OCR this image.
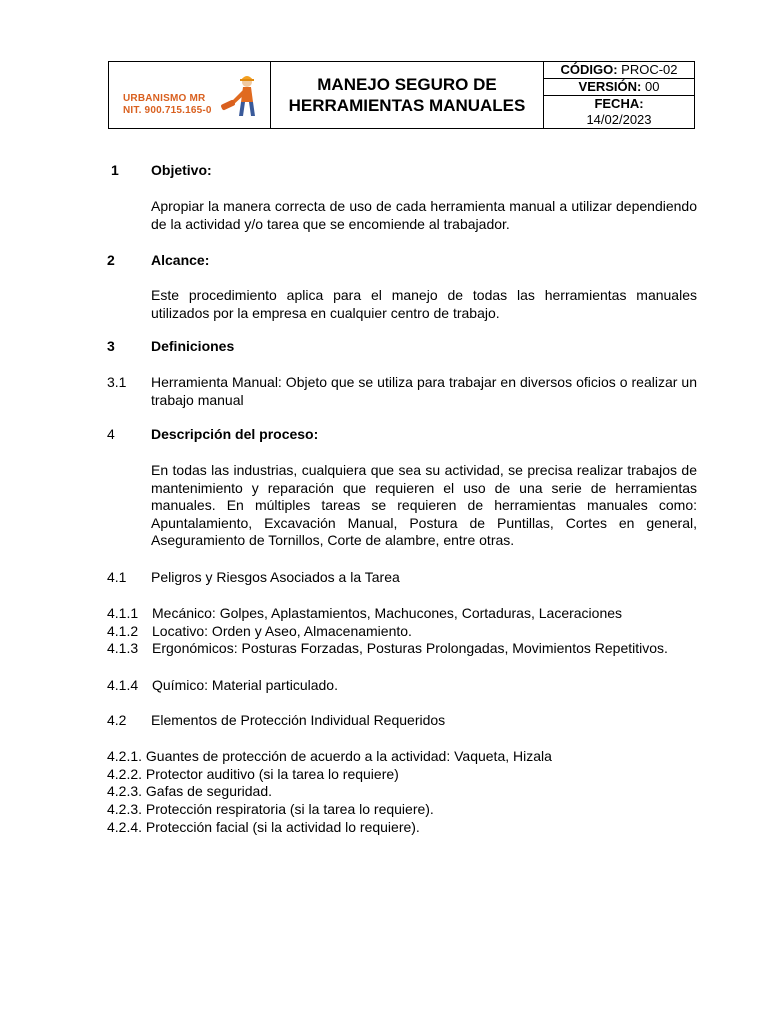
URBANISMO MR
NIT. 900.715.165-0
MANEJO SEGURO DE
HERRAMIENTAS MANUALES
CÓDIGO: PROC-02
VERSIÓN: 00
FECHA:
14/02/2023
1 Objetivo:
Apropiar la manera correcta de uso de cada herramienta manual a utilizar dependiendo de la actividad y/o tarea que se encomiende al trabajador.
2	Alcance:
Este procedimiento aplica para el manejo de todas las herramientas manuales utilizados por la empresa en cualquier centro de trabajo.
3	Definiciones
3.1 Herramienta Manual: Objeto que se utiliza para trabajar en diversos oficios o realizar un trabajo manual
4	Descripción del proceso:
En todas las industrias, cualquiera que sea su actividad, se precisa realizar trabajos de mantenimiento y reparación que requieren el uso de una serie de herramientas manuales. En múltiples tareas se requieren de herramientas manuales como: Apuntalamiento, Excavación Manual, Postura de Puntillas, Cortes en general, Aseguramiento de Tornillos, Corte de alambre, entre otras.
4.1 Peligros y Riesgos Asociados a la Tarea
4.1.1 Mecánico: Golpes, Aplastamientos, Machucones, Cortaduras, Laceraciones
4.1.2 Locativo: Orden y Aseo, Almacenamiento.
4.1.3 Ergonómicos: Posturas Forzadas, Posturas Prolongadas, Movimientos Repetitivos.
4.1.4 Químico: Material particulado.
4.2 Elementos de Protección Individual Requeridos
4.2.1. Guantes de protección de acuerdo a la actividad: Vaqueta, Hizala
4.2.2. Protector auditivo (si la tarea lo requiere)
4.2.3. Gafas de seguridad.
4.2.3. Protección respiratoria (si la tarea lo requiere).
4.2.4. Protección facial (si la actividad lo requiere).
